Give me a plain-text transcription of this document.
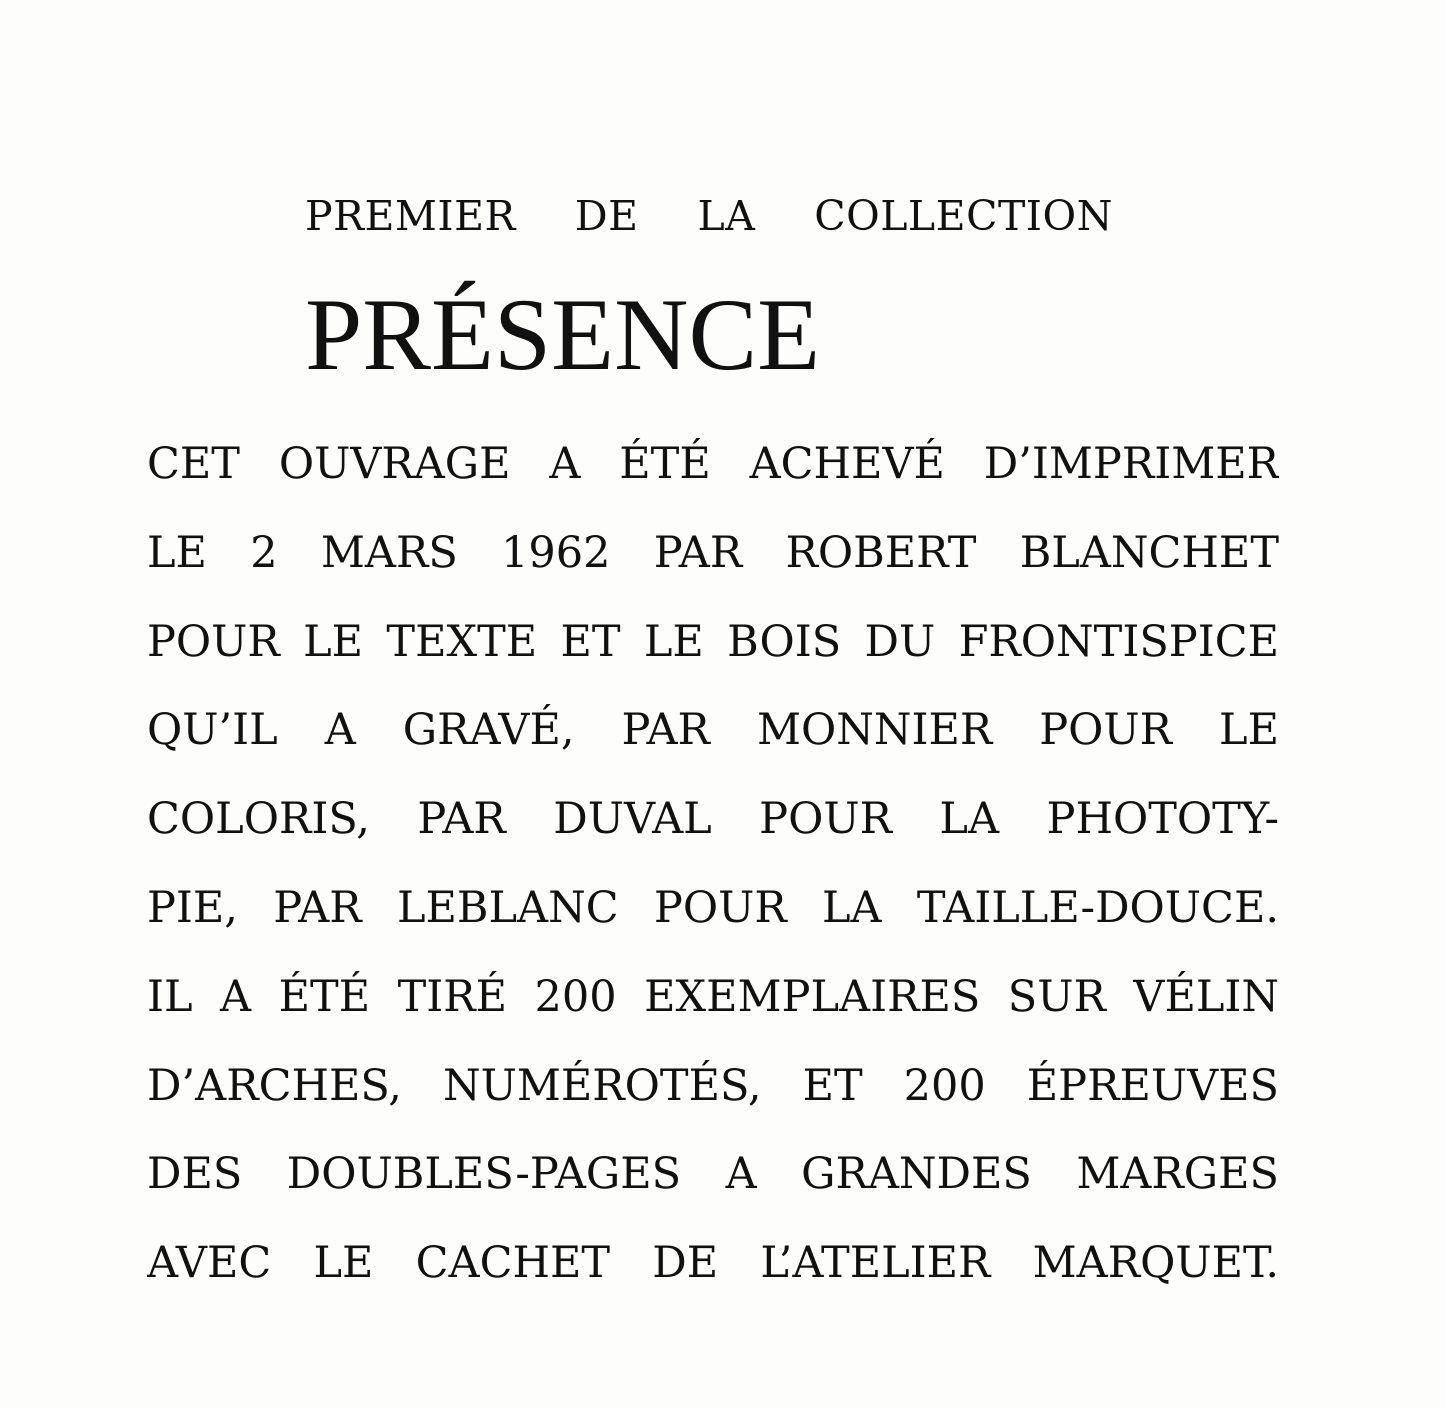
PREMIER DE LA COLLECTION
PRÉSENCE
CET OUVRAGE A ÉTÉ ACHEVÉ D’IMPRIMER
LE 2 MARS 1962 PAR ROBERT BLANCHET
POUR LE TEXTE ET LE BOIS DU FRONTISPICE
QU’IL A GRAVÉ, PAR MONNIER POUR LE
COLORIS, PAR DUVAL POUR LA PHOTOTY-
PIE, PAR LEBLANC POUR LA TAILLE-DOUCE.
IL A ÉTÉ TIRÉ 200 EXEMPLAIRES SUR VÉLIN
D’ARCHES, NUMÉROTÉS, ET 200 ÉPREUVES
DES DOUBLES-PAGES A GRANDES MARGES
AVEC LE CACHET DE L’ATELIER MARQUET.
